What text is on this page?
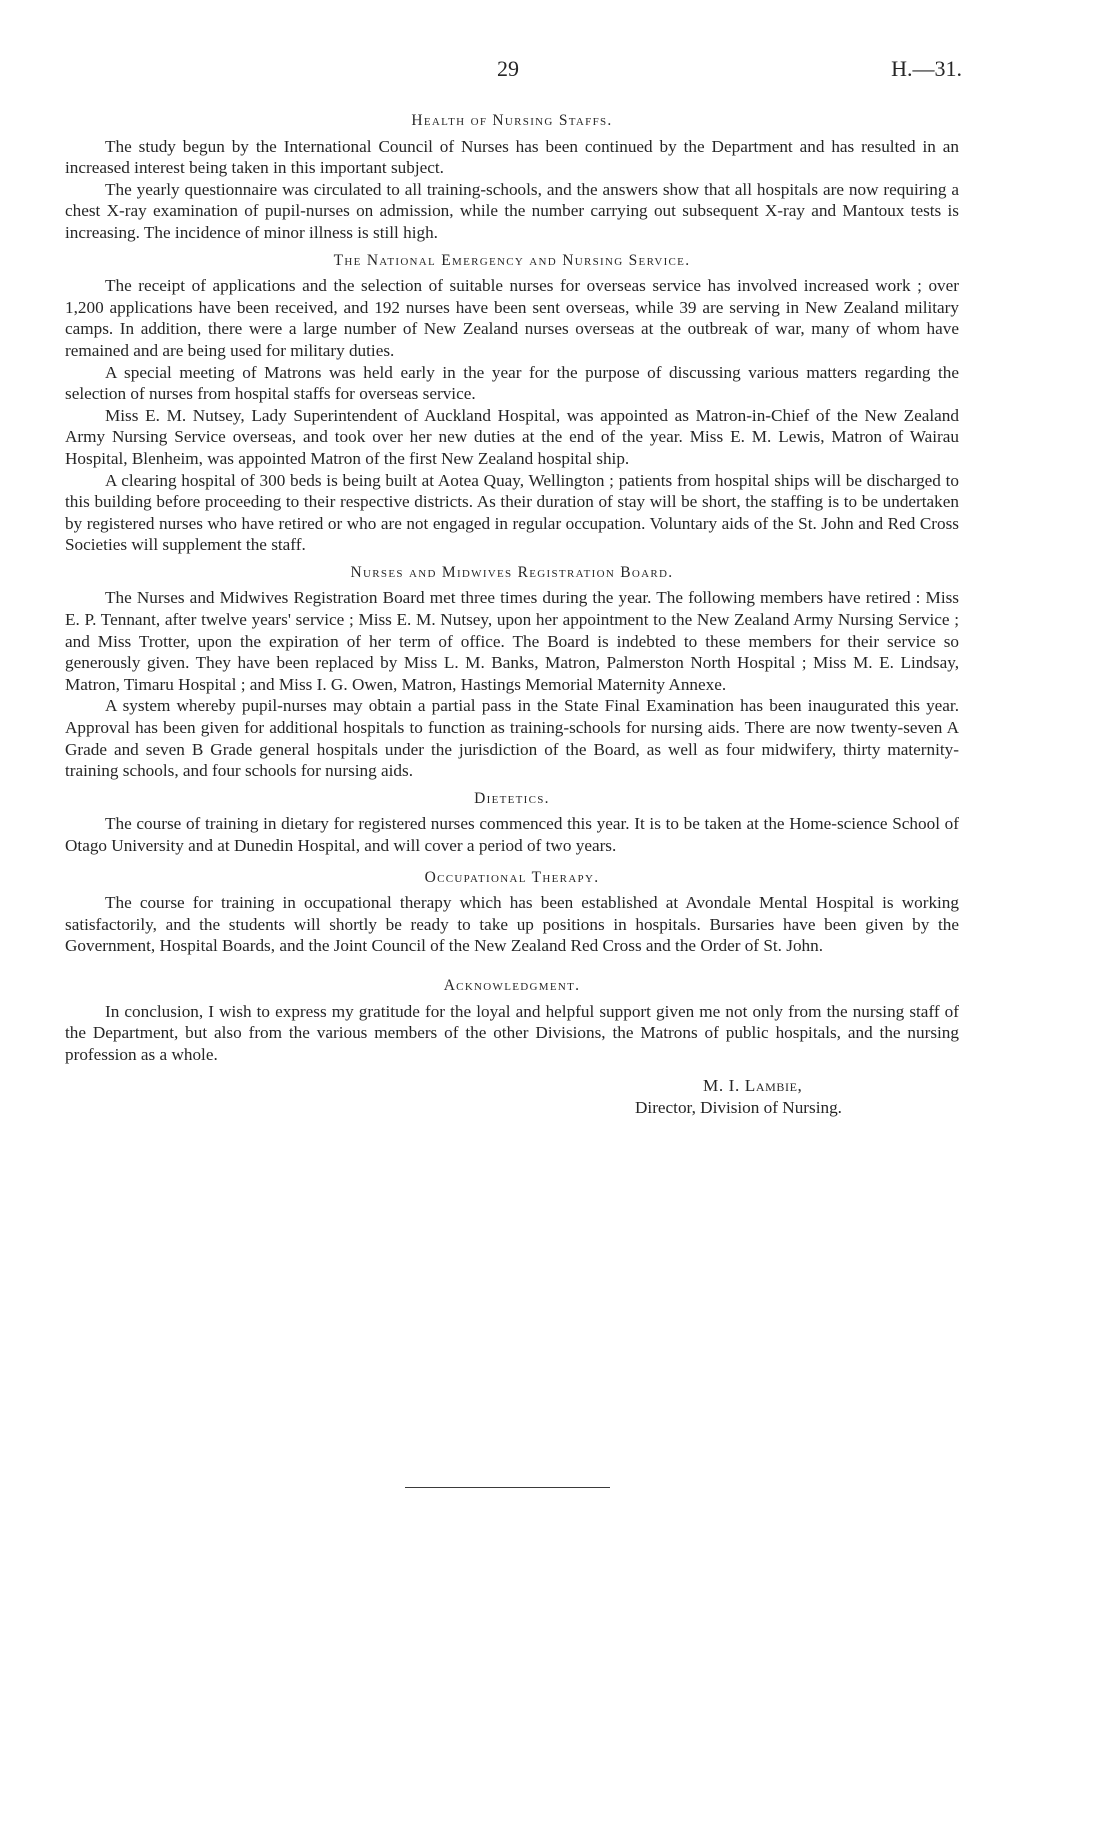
29	H.—31.
Health of Nursing Staffs.

The study begun by the International Council of Nurses has been continued by the Department and has resulted in an increased interest being taken in this important subject.

The yearly questionnaire was circulated to all training-schools, and the answers show that all hospitals are now requiring a chest X-ray examination of pupil-nurses on admission, while the number carrying out subsequent X-ray and Mantoux tests is increasing. The incidence of minor illness is still high.

The National Emergency and Nursing Service.

The receipt of applications and the selection of suitable nurses for overseas service has involved increased work ; over 1,200 applications have been received, and 192 nurses have been sent overseas, while 39 are serving in New Zealand military camps. In addition, there were a large number of New Zealand nurses overseas at the outbreak of war, many of whom have remained and are being used for military duties.

A special meeting of Matrons was held early in the year for the purpose of discussing various matters regarding the selection of nurses from hospital staffs for overseas service.

Miss E. M. Nutsey, Lady Superintendent of Auckland Hospital, was appointed as Matron-in-Chief of the New Zealand Army Nursing Service overseas, and took over her new duties at the end of the year. Miss E. M. Lewis, Matron of Wairau Hospital, Blenheim, was appointed Matron of the first New Zealand hospital ship.

A clearing hospital of 300 beds is being built at Aotea Quay, Wellington ; patients from hospital ships will be discharged to this building before proceeding to their respective districts. As their duration of stay will be short, the staffing is to be undertaken by registered nurses who have retired or who are not engaged in regular occupation. Voluntary aids of the St. John and Red Cross Societies will supplement the staff.

Nurses and Midwives Registration Board.

The Nurses and Midwives Registration Board met three times during the year. The following members have retired : Miss E. P. Tennant, after twelve years' service ; Miss E. M. Nutsey, upon her appointment to the New Zealand Army Nursing Service ; and Miss Trotter, upon the expiration of her term of office. The Board is indebted to these members for their service so generously given. They have been replaced by Miss L. M. Banks, Matron, Palmerston North Hospital ; Miss M. E. Lindsay, Matron, Timaru Hospital ; and Miss I. G. Owen, Matron, Hastings Memorial Maternity Annexe.

A system whereby pupil-nurses may obtain a partial pass in the State Final Examination has been inaugurated this year. Approval has been given for additional hospitals to function as training-schools for nursing aids. There are now twenty-seven A Grade and seven B Grade general hospitals under the jurisdiction of the Board, as well as four midwifery, thirty maternity-training schools, and four schools for nursing aids.

Dietetics.

The course of training in dietary for registered nurses commenced this year. It is to be taken at the Home-science School of Otago University and at Dunedin Hospital, and will cover a period of two years.

Occupational Therapy.

The course for training in occupational therapy which has been established at Avondale Mental Hospital is working satisfactorily, and the students will shortly be ready to take up positions in hospitals. Bursaries have been given by the Government, Hospital Boards, and the Joint Council of the New Zealand Red Cross and the Order of St. John.

Acknowledgment.

In conclusion, I wish to express my gratitude for the loyal and helpful support given me not only from the nursing staff of the Department, but also from the various members of the other Divisions, the Matrons of public hospitals, and the nursing profession as a whole.

M. I. Lambie,
Director, Division of Nursing.
